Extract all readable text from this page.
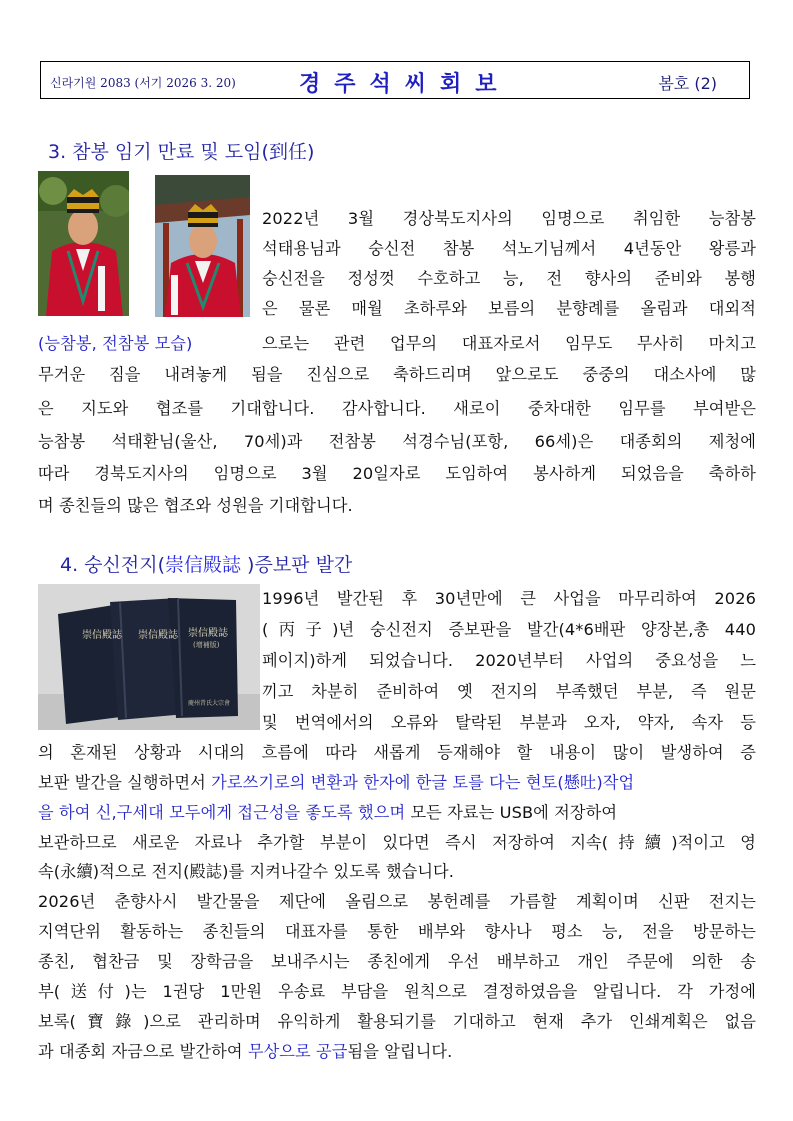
신라기원 2083 (서기 2026 3. 20)	경주석씨회보	봄호 (2)
3. 참봉 임기 만료 및 도임(到任)
2022년 3월 경상북도지사의 임명으로 취임한 능참봉
석태용님과 숭신전 참봉 석노기님께서 4년동안 왕릉과
숭신전을 정성껏 수호하고 능, 전 향사의 준비와 봉행
은 물론 매월 초하루와 보름의 분향례를 올림과 대외적
(능참봉, 전참봉 모습)	으로는 관련 업무의 대표자로서 임무도 무사히 마치고
무거운 짐을 내려놓게 됨을 진심으로 축하드리며 앞으로도 중중의 대소사에 많
은 지도와 협조를 기대합니다. 감사합니다. 새로이 중차대한 임무를 부여받은
능참봉 석태환님(울산, 70세)과 전참봉 석경수님(포항, 66세)은 대종회의 제청에
따라 경북도지사의 임명으로 3월 20일자로 도임하여 봉사하게 되었음을 축하하
며 종친들의 많은 협조와 성원을 기대합니다.
4. 숭신전지(崇信殿誌 )증보판 발간
崇信殿誌 崇信殿誌 崇信殿誌
(增補版)
慶州昔氏大宗會
1996년 발간된 후 30년만에 큰 사업을 마무리하여 2026
(丙子)년 숭신전지 증보판을 발간(4*6배판 양장본,총 440
페이지)하게 되었습니다. 2020년부터 사업의 중요성을 느
끼고 차분히 준비하여 옛 전지의 부족했던 부분, 즉 원문
및 번역에서의 오류와 탈락된 부분과 오자, 약자, 속자 등
의 혼재된 상황과 시대의 흐름에 따라 새롭게 등재해야 할 내용이 많이 발생하여 증
보판 발간을 실행하면서 가로쓰기로의 변환과 한자에 한글 토를 다는 현토(懸吐)작업
을 하여 신,구세대 모두에게 접근성을 좋도록 했으며 모든 자료는 USB에 저장하여
보관하므로 새로운 자료나 추가할 부분이 있다면 즉시 저장하여 지속(持續)적이고 영
속(永續)적으로 전지(殿誌)를 지켜나갈수 있도록 했습니다.
2026년 춘향사시 발간물을 제단에 올림으로 봉헌례를 가름할 계획이며 신판 전지는
지역단위 활동하는 종친들의 대표자를 통한 배부와 향사나 평소 능, 전을 방문하는
종친, 협찬금 및 장학금을 보내주시는 종친에게 우선 배부하고 개인 주문에 의한 송
부(送付)는 1권당 1만원 우송료 부담을 원칙으로 결정하였음을 알립니다. 각 가정에
보록(寶錄)으로 관리하며 유익하게 활용되기를 기대하고 현재 추가 인쇄계획은 없음
과 대종회 자금으로 발간하여 무상으로 공급됨을 알립니다.
